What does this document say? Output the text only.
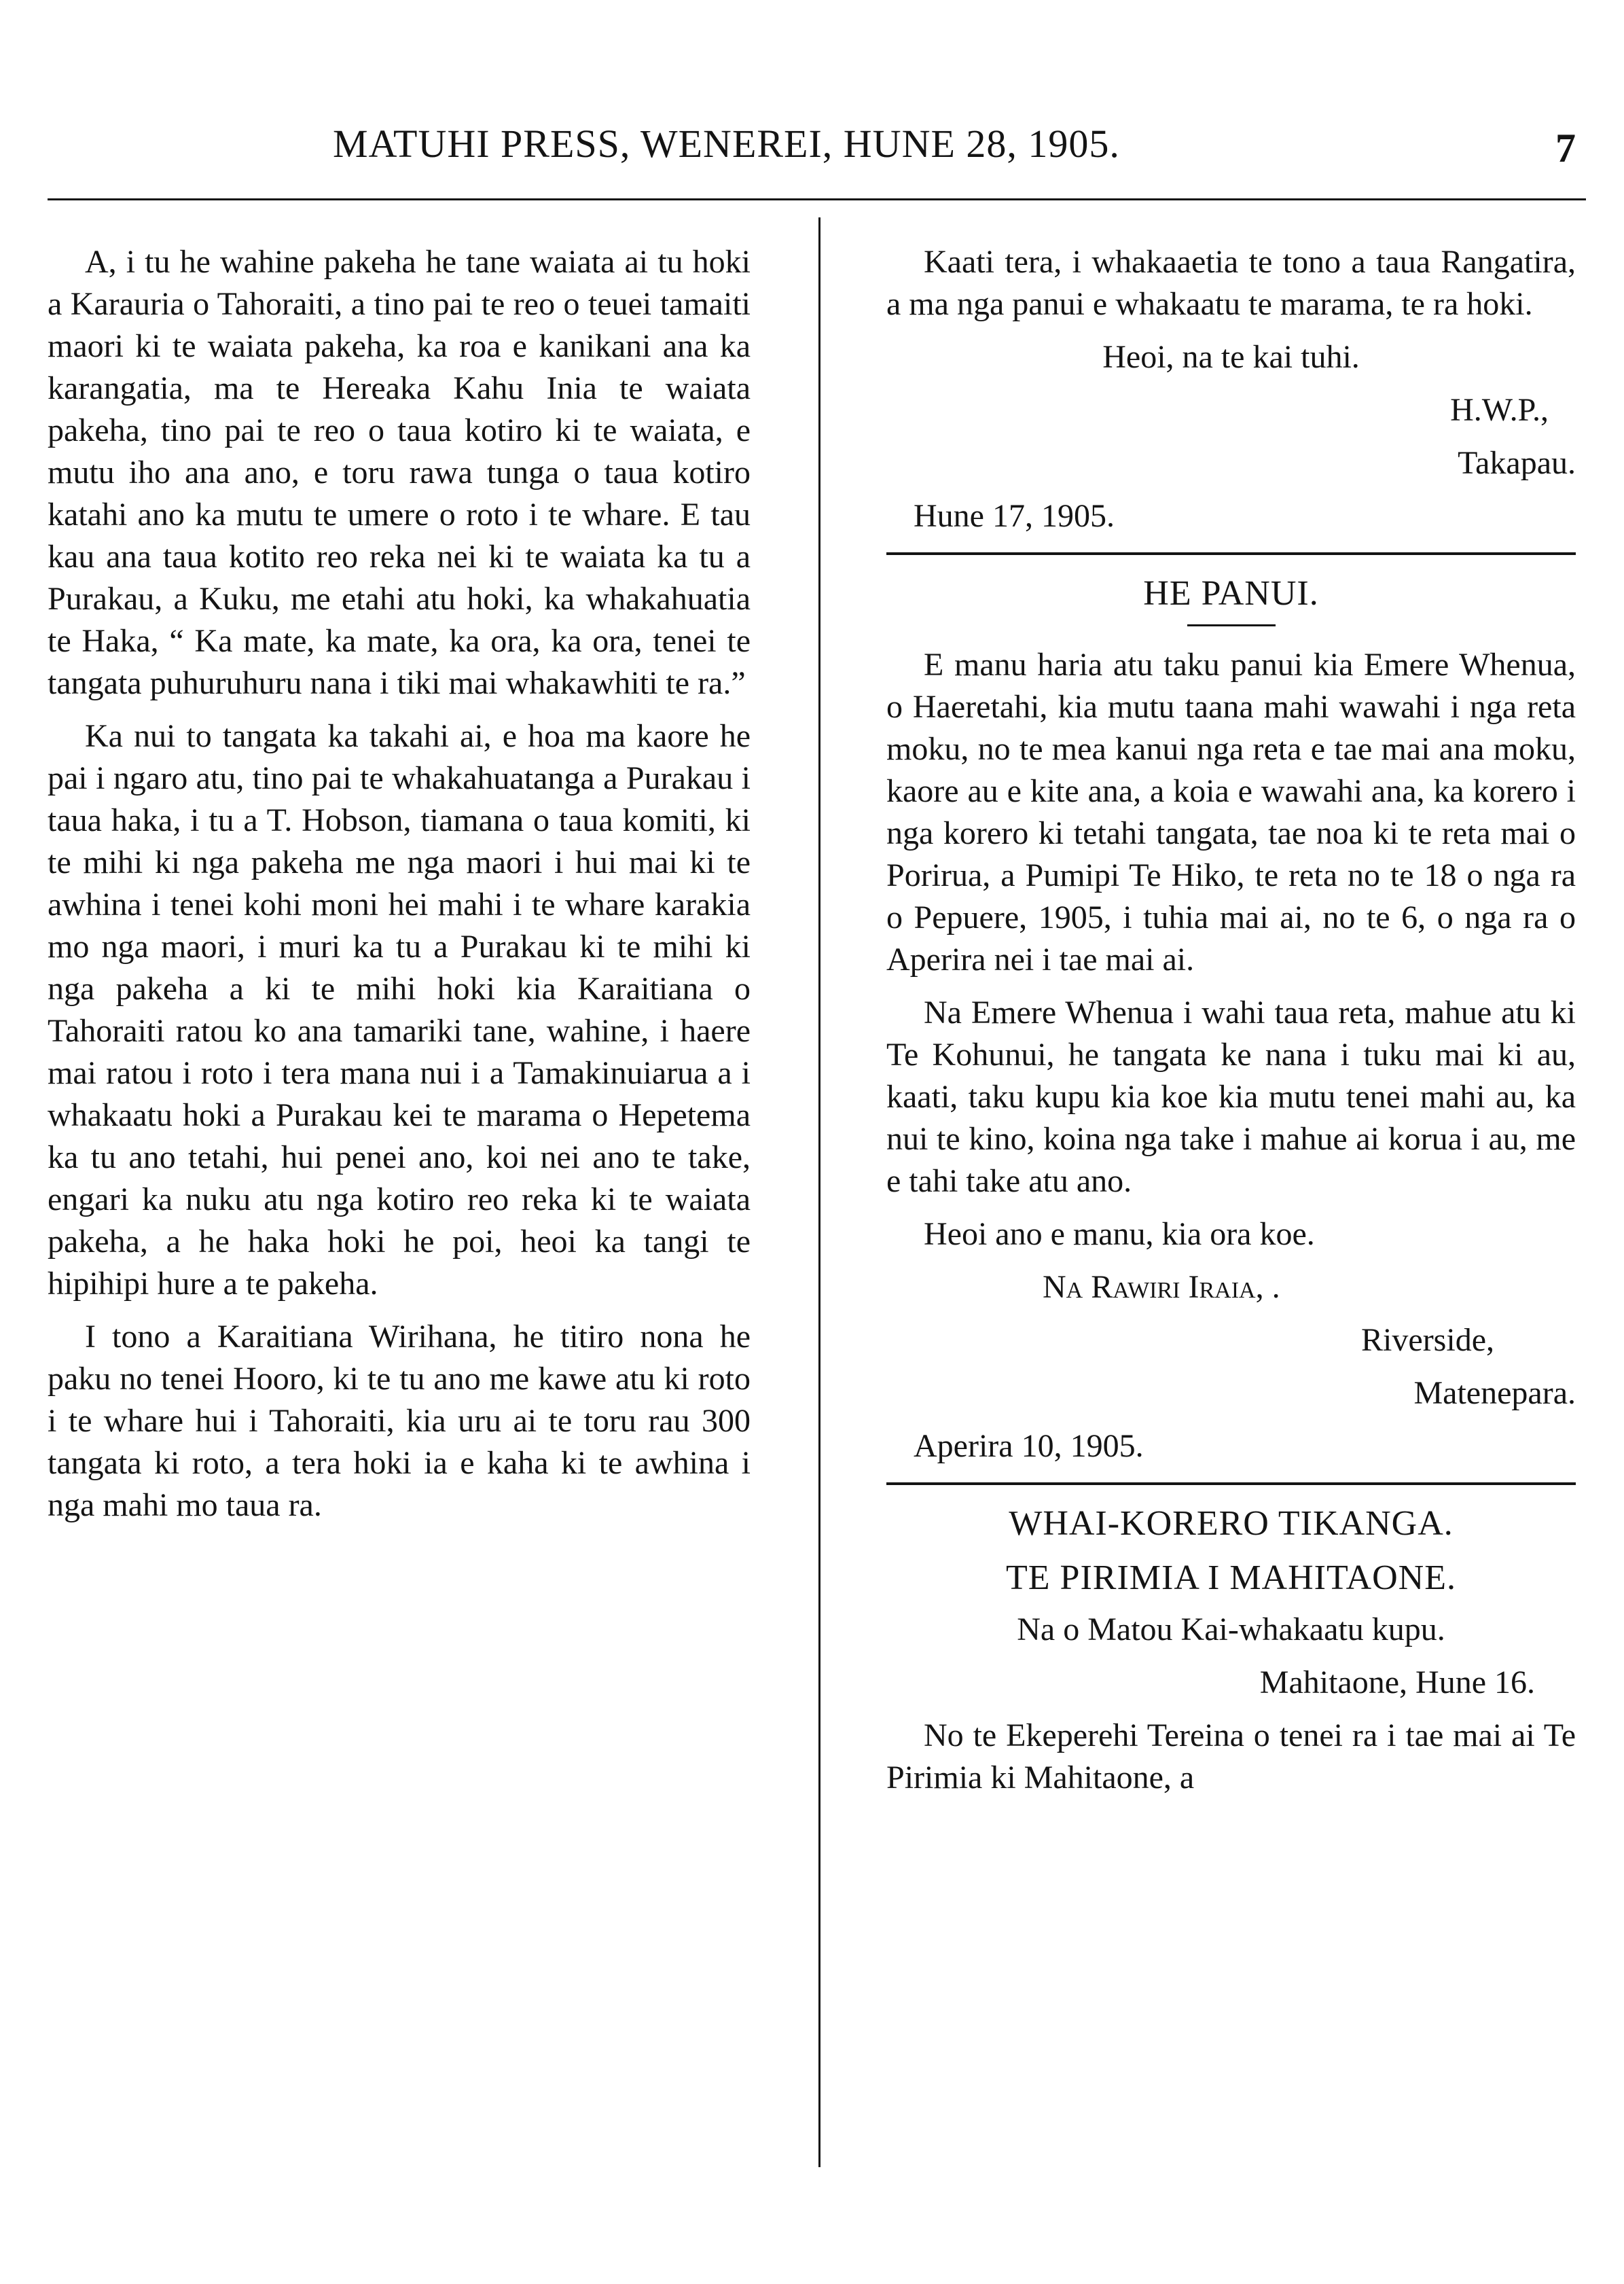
MATUHI PRESS, WENEREI, HUNE 28, 1905.	7

A, i tu he wahine pakeha he tane waiata ai tu hoki a Karauria o Tahoraiti, a tino pai te reo o teuei tamaiti maori ki te waiata pakeha, ka roa e kanikani ana ka karangatia, ma te Hereaka Kahu Inia te waiata pakeha, tino pai te reo o taua kotiro ki te waiata, e mutu iho ana ano, e toru rawa tunga o taua kotiro katahi ano ka mutu te umere o roto i te whare. E tau kau ana taua kotito reo reka nei ki te waiata ka tu a Purakau, a Kuku, me etahi atu hoki, ka whakahuatia te Haka, “ Ka mate, ka mate, ka ora, ka ora, tenei te tangata puhuruhuru nana i tiki mai whakawhiti te ra.”

Ka nui to tangata ka takahi ai, e hoa ma kaore he pai i ngaro atu, tino pai te whakahuatanga a Purakau i taua haka, i tu a T. Hobson, tiamana o taua komiti, ki te mihi ki nga pakeha me nga maori i hui mai ki te awhina i tenei kohi moni hei mahi i te whare karakia mo nga maori, i muri ka tu a Purakau ki te mihi ki nga pakeha a ki te mihi hoki kia Karaitiana o Tahoraiti ratou ko ana tamariki tane, wahine, i haere mai ratou i roto i tera mana nui i a Tamakinuiarua a i whakaatu hoki a Purakau kei te marama o Hepetema ka tu ano tetahi, hui penei ano, koi nei ano te take, engari ka nuku atu nga kotiro reo reka ki te waiata pakeha, a he haka hoki he poi, heoi ka tangi te hipihipi hure a te pakeha.

I tono a Karaitiana Wirihana, he titiro nona he paku no tenei Hooro, ki te tu ano me kawe atu ki roto i te whare hui i Tahoraiti, kia uru ai te toru rau 300 tangata ki roto, a tera hoki ia e kaha ki te awhina i nga mahi mo taua ra.

Kaati tera, i whakaaetia te tono a taua Rangatira, a ma nga panui e whakaatu te marama, te ra hoki.

Heoi, na te kai tuhi.

H.W.P.,

Takapau.

Hune 17, 1905.

HE PANUI.

E manu haria atu taku panui kia Emere Whenua, o Haeretahi, kia mutu taana mahi wawahi i nga reta moku, no te mea kanui nga reta e tae mai ana moku, kaore au e kite ana, a koia e wawahi ana, ka korero i nga korero ki tetahi tangata, tae noa ki te reta mai o Porirua, a Pumipi Te Hiko, te reta no te 18 o nga ra o Pepuere, 1905, i tuhia mai ai, no te 6, o nga ra o Aperira nei i tae mai ai.

Na Emere Whenua i wahi taua reta, mahue atu ki Te Kohunui, he tangata ke nana i tuku mai ki au, kaati, taku kupu kia koe kia mutu tenei mahi au, ka nui te kino, koina nga take i mahue ai korua i au, me e tahi take atu ano.

Heoi ano e manu, kia ora koe.

Na Rawiri Iraia, .

Riverside,

Matenepara.

Aperira 10, 1905.

WHAI-KORERO TIKANGA.
TE PIRIMIA I MAHITAONE.

Na o Matou Kai-whakaatu kupu.

Mahitaone, Hune 16.

No te Ekeperehi Tereina o tenei ra i tae mai ai Te Pirimia ki Mahitaone, a
